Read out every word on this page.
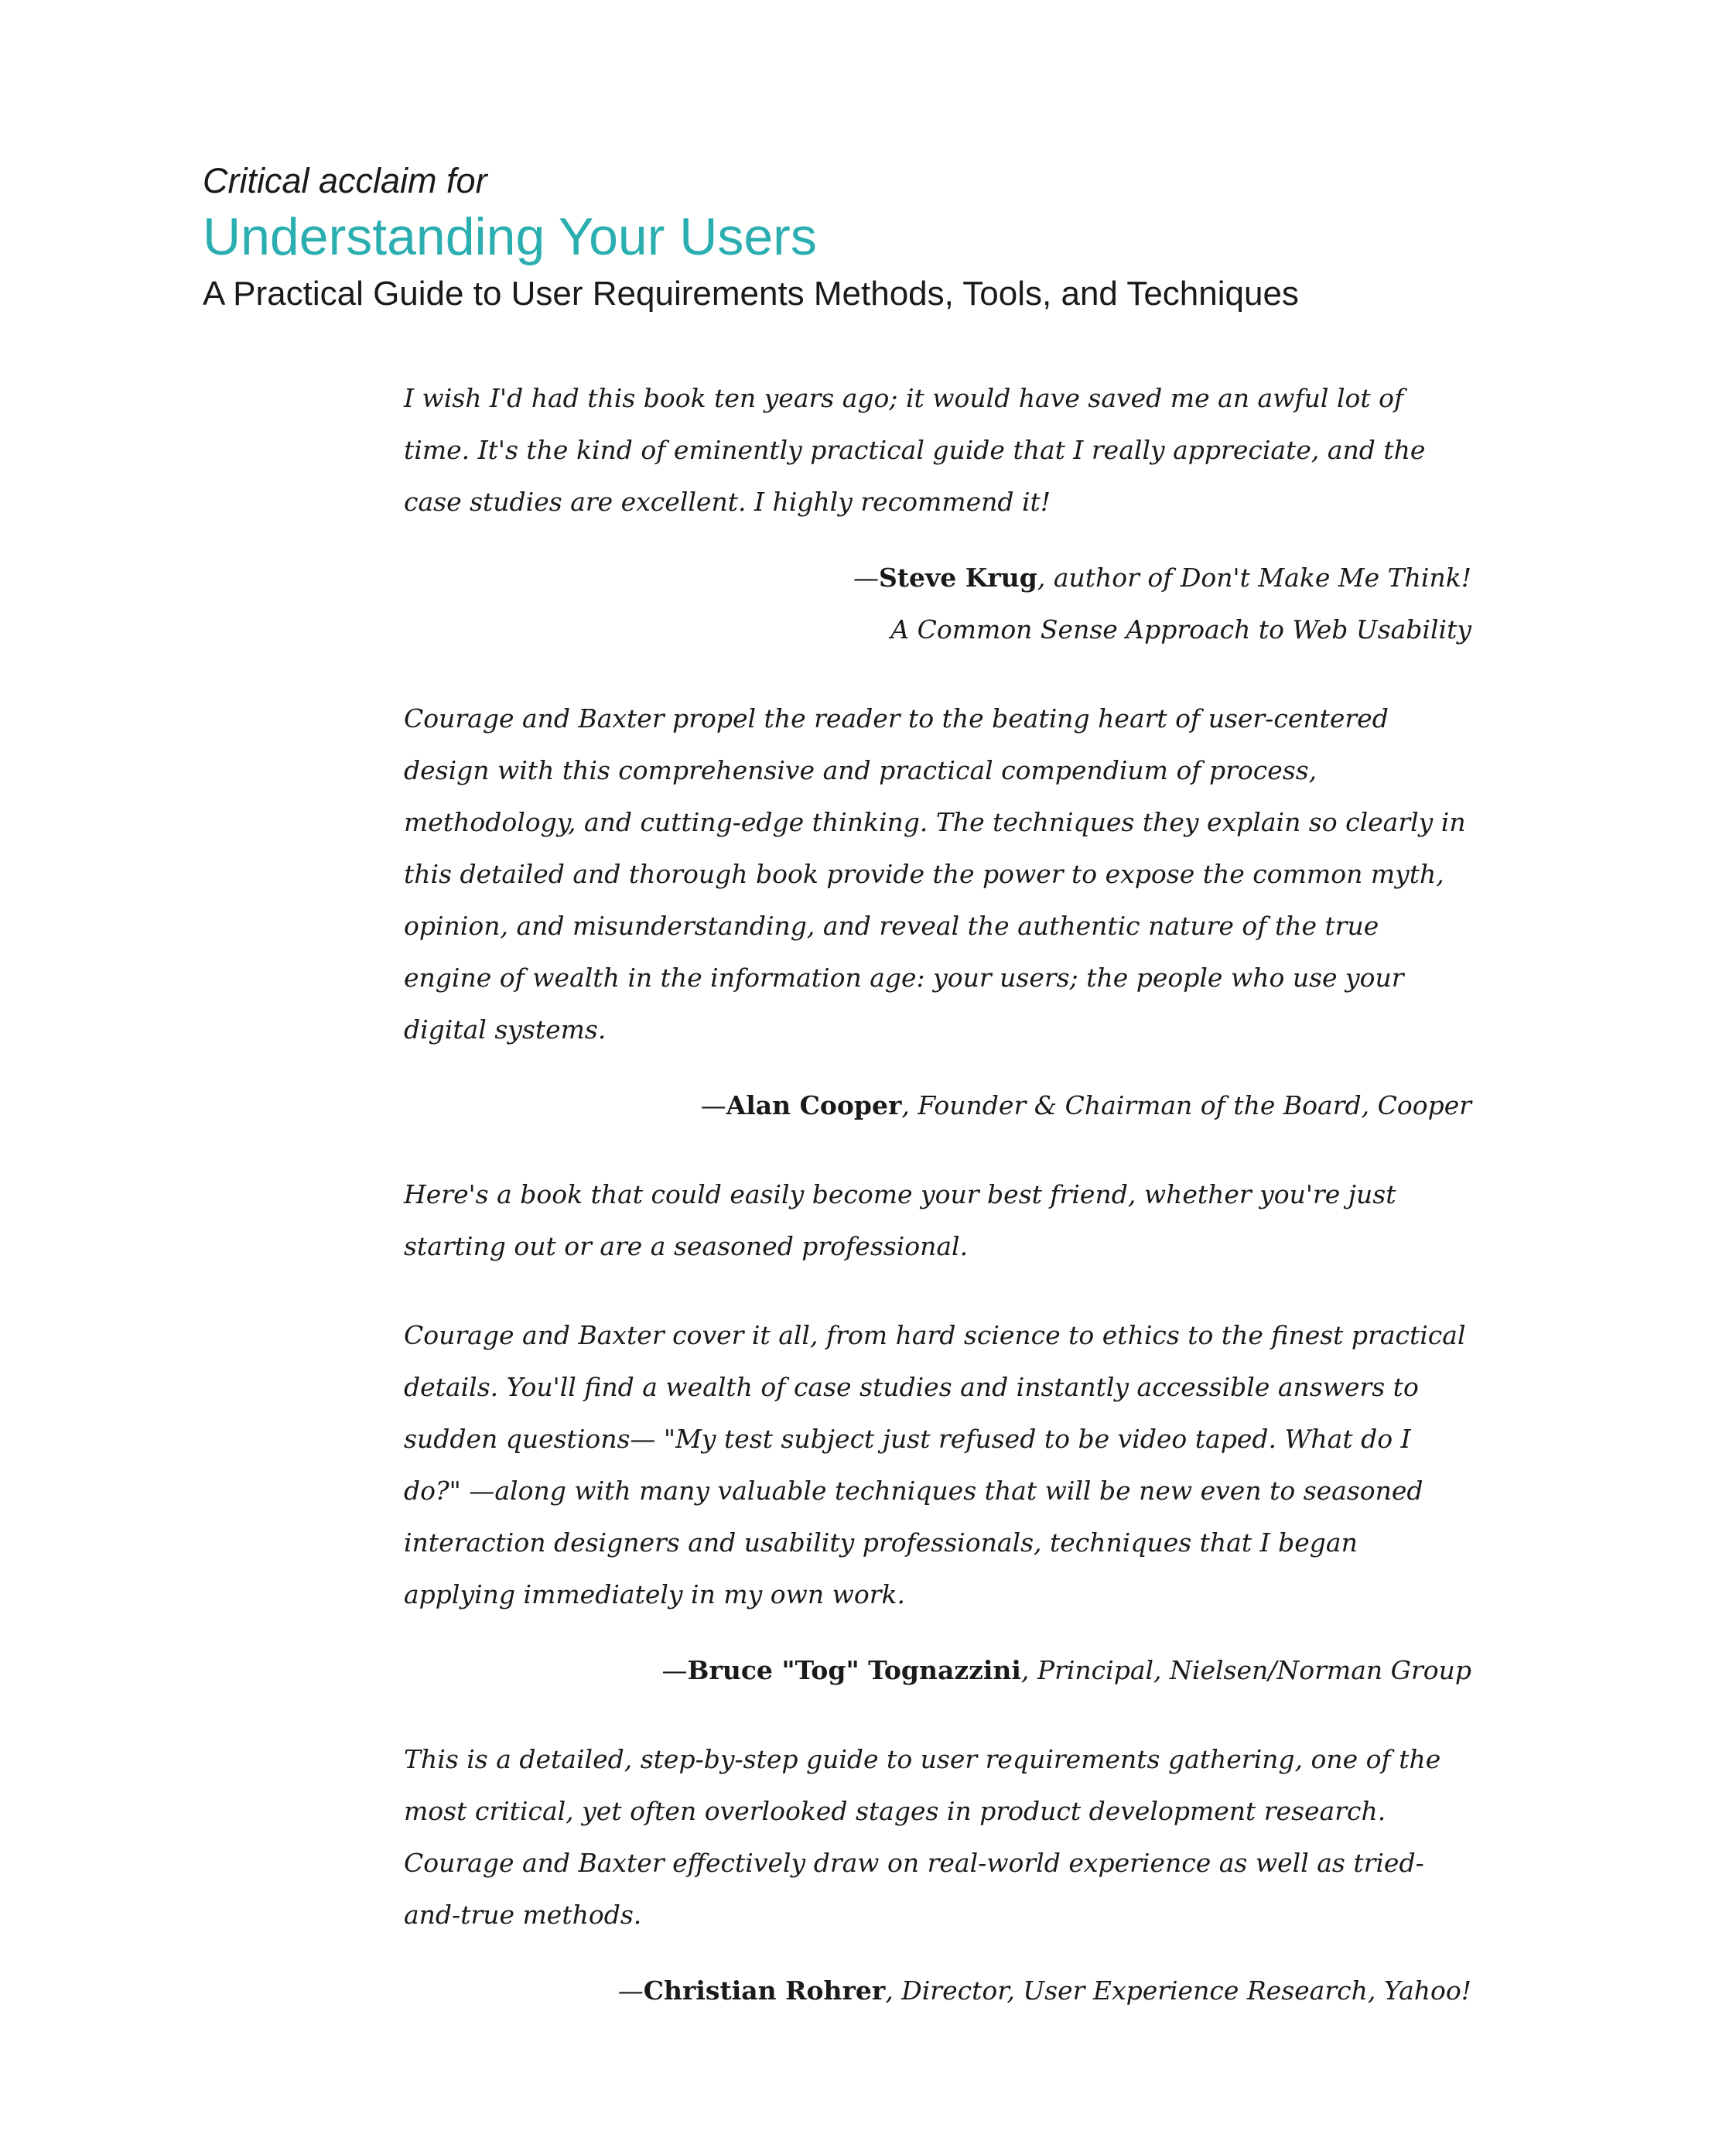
Critical acclaim for
Understanding Your Users
A Practical Guide to User Requirements Methods, Tools, and Techniques

I wish I'd had this book ten years ago; it would have saved me an awful lot of time. It's the kind of eminently practical guide that I really appreciate, and the case studies are excellent. I highly recommend it!

—Steve Krug, author of Don't Make Me Think!

A Common Sense Approach to Web Usability

Courage and Baxter propel the reader to the beating heart of user-centered design with this comprehensive and practical compendium of process, methodology, and cutting-edge thinking. The techniques they explain so clearly in this detailed and thorough book provide the power to expose the common myth, opinion, and misunderstanding, and reveal the authentic nature of the true engine of wealth in the information age: your users; the people who use your digital systems.

—Alan Cooper, Founder & Chairman of the Board, Cooper

Here's a book that could easily become your best friend, whether you're just starting out or are a seasoned professional.

Courage and Baxter cover it all, from hard science to ethics to the finest practical details. You'll find a wealth of case studies and instantly accessible answers to sudden questions— "My test subject just refused to be video taped. What do I do?" —along with many valuable techniques that will be new even to seasoned interaction designers and usability professionals, techniques that I began applying immediately in my own work.

—Bruce "Tog" Tognazzini, Principal, Nielsen/Norman Group

This is a detailed, step-by-step guide to user requirements gathering, one of the most critical, yet often overlooked stages in product development research. Courage and Baxter effectively draw on real-world experience as well as tried-and-true methods.

—Christian Rohrer, Director, User Experience Research, Yahoo!
